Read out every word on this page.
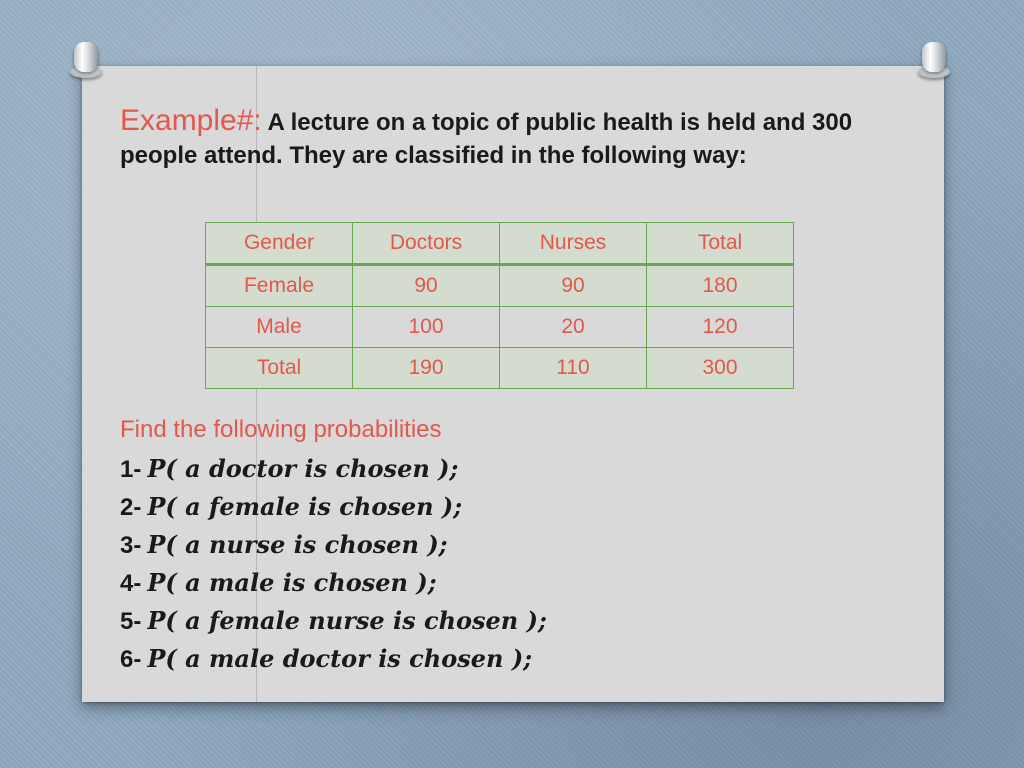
Example#: A lecture on a topic of public health is held and 300 people attend. They are classified in the following way:
Gender	Doctors	Nurses	Total
Female	90	90	180
Male	100	20	120
Total	190	110	300
Find the following probabilities
1- P( a doctor is chosen );
2- P( a female is chosen );
3- P( a nurse is chosen );
4- P( a male is chosen );
5- P( a female nurse is chosen );
6- P( a male doctor is chosen );
